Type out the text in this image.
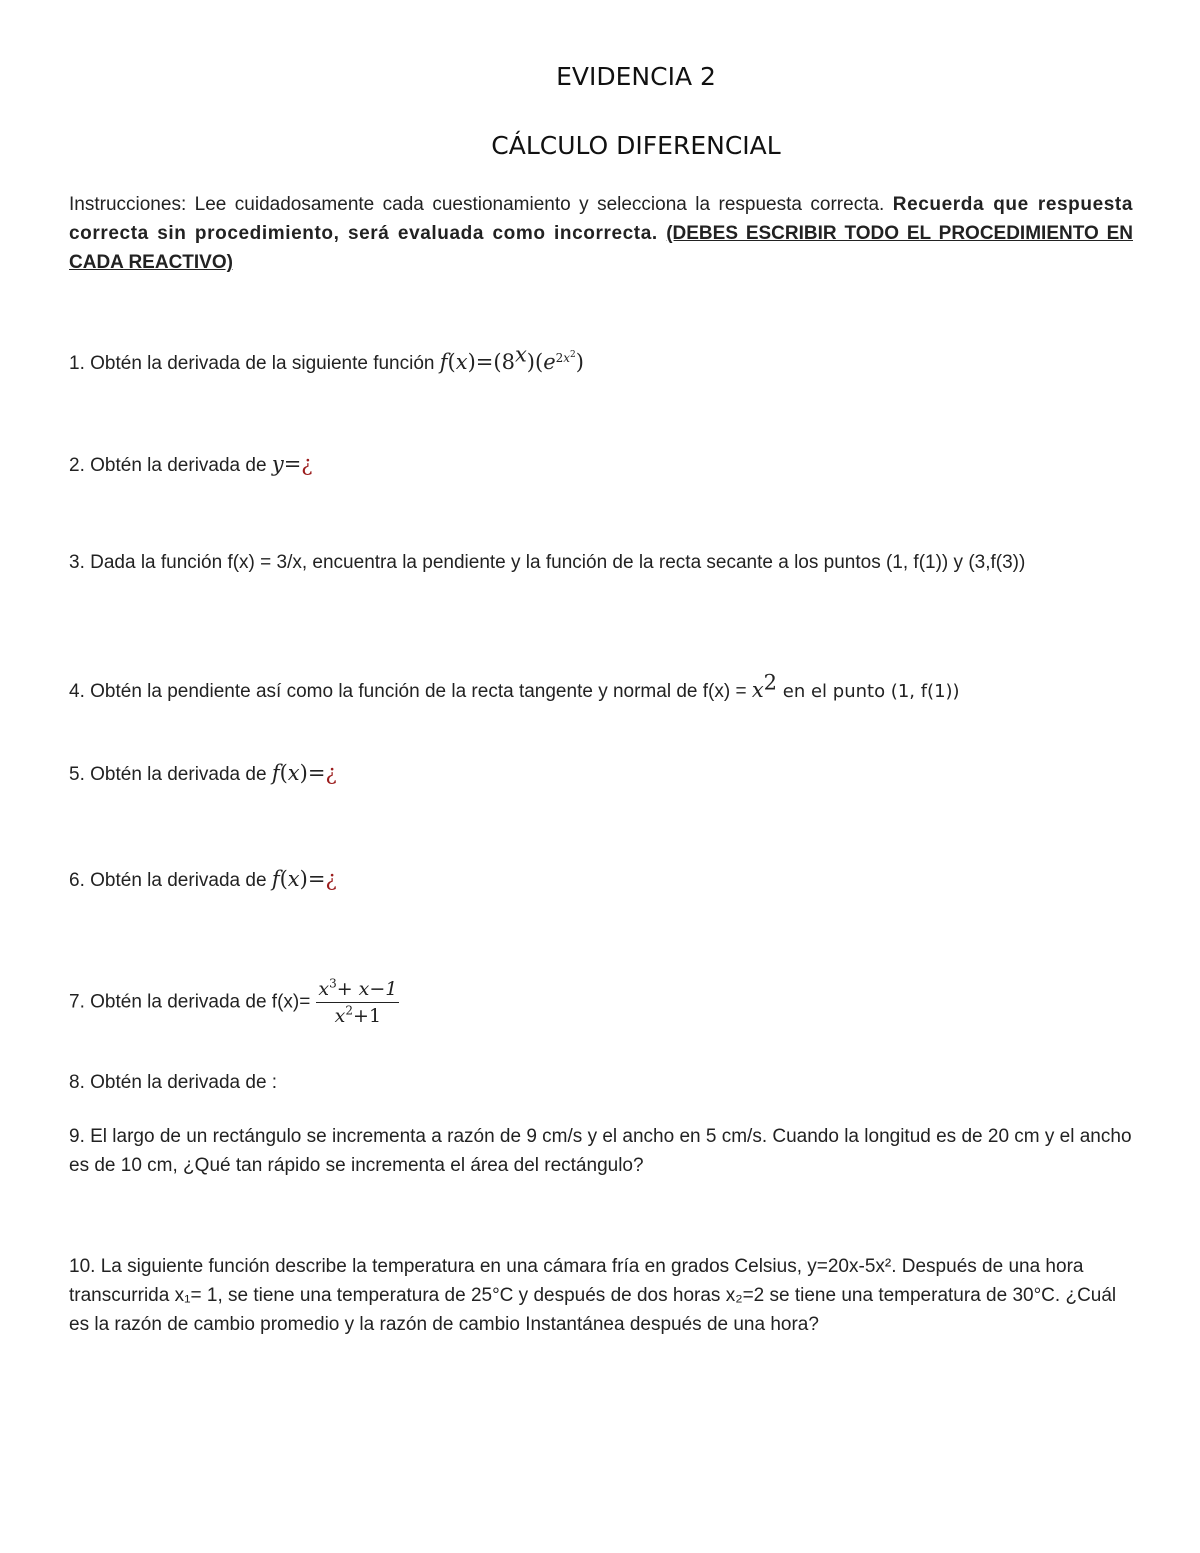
EVIDENCIA 2
CÁLCULO DIFERENCIAL
Instrucciones: Lee cuidadosamente cada cuestionamiento y selecciona la respuesta correcta. Recuerda que respuesta correcta sin procedimiento, será evaluada como incorrecta. (DEBES ESCRIBIR TODO EL PROCEDIMIENTO EN CADA REACTIVO)
1. Obtén la derivada de la siguiente función $f(x)=(8^x)(e^{2x^2})$
2. Obtén la derivada de y=¿
3. Dada la función f(x) = 3/x, encuentra la pendiente y la función de la recta secante a los puntos (1, f(1)) y (3,f(3))
4. Obtén la pendiente así como la función de la recta tangente y normal de $f(x) = x^2$ en el punto (1, f(1))
5. Obtén la derivada de f(x)=¿
6. Obtén la derivada de f(x)=¿
7. Obtén la derivada de $f(x)= \frac{x^3+ x-1}{x^2+1}$
8. Obtén la derivada de :
9. El largo de un rectángulo se incrementa a razón de 9 cm/s y el ancho en 5 cm/s. Cuando la longitud es de 20 cm y el ancho es de 10 cm, ¿Qué tan rápido se incrementa el área del rectángulo?
10. La siguiente función describe la temperatura en una cámara fría en grados Celsius, y=20x-5x². Después de una hora transcurrida x₁= 1, se tiene una temperatura de 25°C y después de dos horas x₂=2 se tiene una temperatura de 30°C. ¿Cuál es la razón de cambio promedio y la razón de cambio Instantánea después de una hora?
